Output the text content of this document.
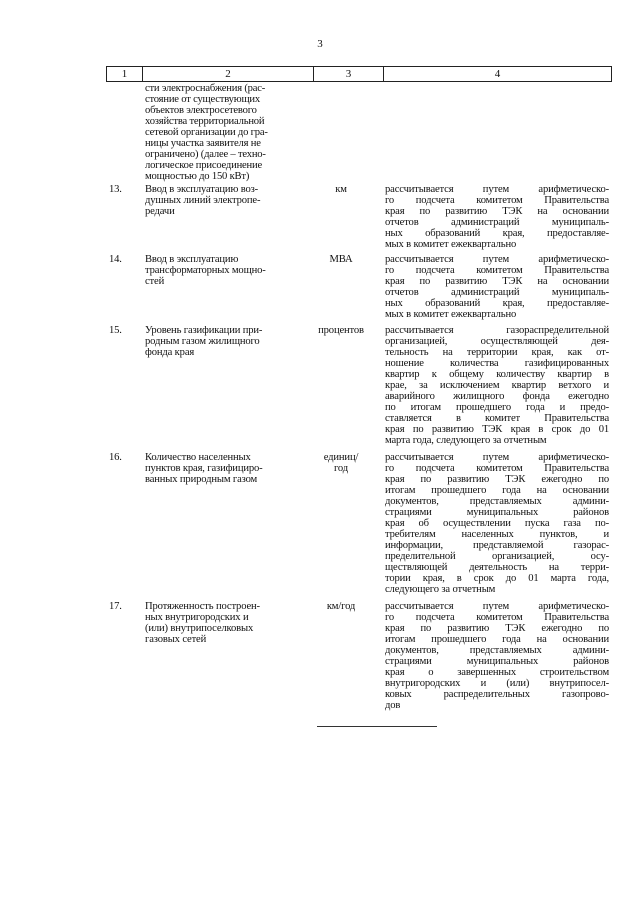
3
1	2	3	4
сти электроснабжения (рас-
стояние от существующих
объектов электросетевого
хозяйства территориальной
сетевой организации до гра-
ницы участка заявителя не
ограничено) (далее – техно-
логическое присоединение
мощностью до 150 кВт)
13.	Ввод в эксплуатацию воз-
душных линий электропе-
редачи
км	рассчитывается путем арифметическо-
го подсчета комитетом Правительства
края по развитию ТЭК на основании
отчетов администраций муниципаль-
ных образований края, предоставляе-
мых в комитет ежеквартально
14.	Ввод в эксплуатацию
трансформаторных мощно-
стей
МВА	рассчитывается путем арифметическо-
го подсчета комитетом Правительства
края по развитию ТЭК на основании
отчетов администраций муниципаль-
ных образований края, предоставляе-
мых в комитет ежеквартально
15.	Уровень газификации при-
родным газом жилищного
фонда края
процентов	рассчитывается газораспределительной
организацией, осуществляющей дея-
тельность на территории края, как от-
ношение количества газифицированных
квартир к общему количеству квартир в
крае, за исключением квартир ветхого и
аварийного жилищного фонда ежегодно
по итогам прошедшего года и предо-
ставляется в комитет Правительства
края по развитию ТЭК края в срок до 01
марта года, следующего за отчетным
16.	Количество населенных
пунктов края, газифициро-
ванных природным газом
единиц/
год
рассчитывается путем арифметическо-
го подсчета комитетом Правительства
края по развитию ТЭК ежегодно по
итогам прошедшего года на основании
документов, представляемых админи-
страциями муниципальных районов
края об осуществлении пуска газа по-
требителям населенных пунктов, и
информации, представляемой газорас-
пределительной организацией, осу-
ществляющей деятельность на терри-
тории края, в срок до 01 марта года,
следующего за отчетным
17.	Протяженность построен-
ных внутригородских и
(или) внутрипоселковых
газовых сетей
км/год	рассчитывается путем арифметическо-
го подсчета комитетом Правительства
края по развитию ТЭК ежегодно по
итогам прошедшего года на основании
документов, представляемых админи-
страциями муниципальных районов
края о завершенных строительством
внутригородских и (или) внутрипосел-
ковых распределительных газопрово-
дов
